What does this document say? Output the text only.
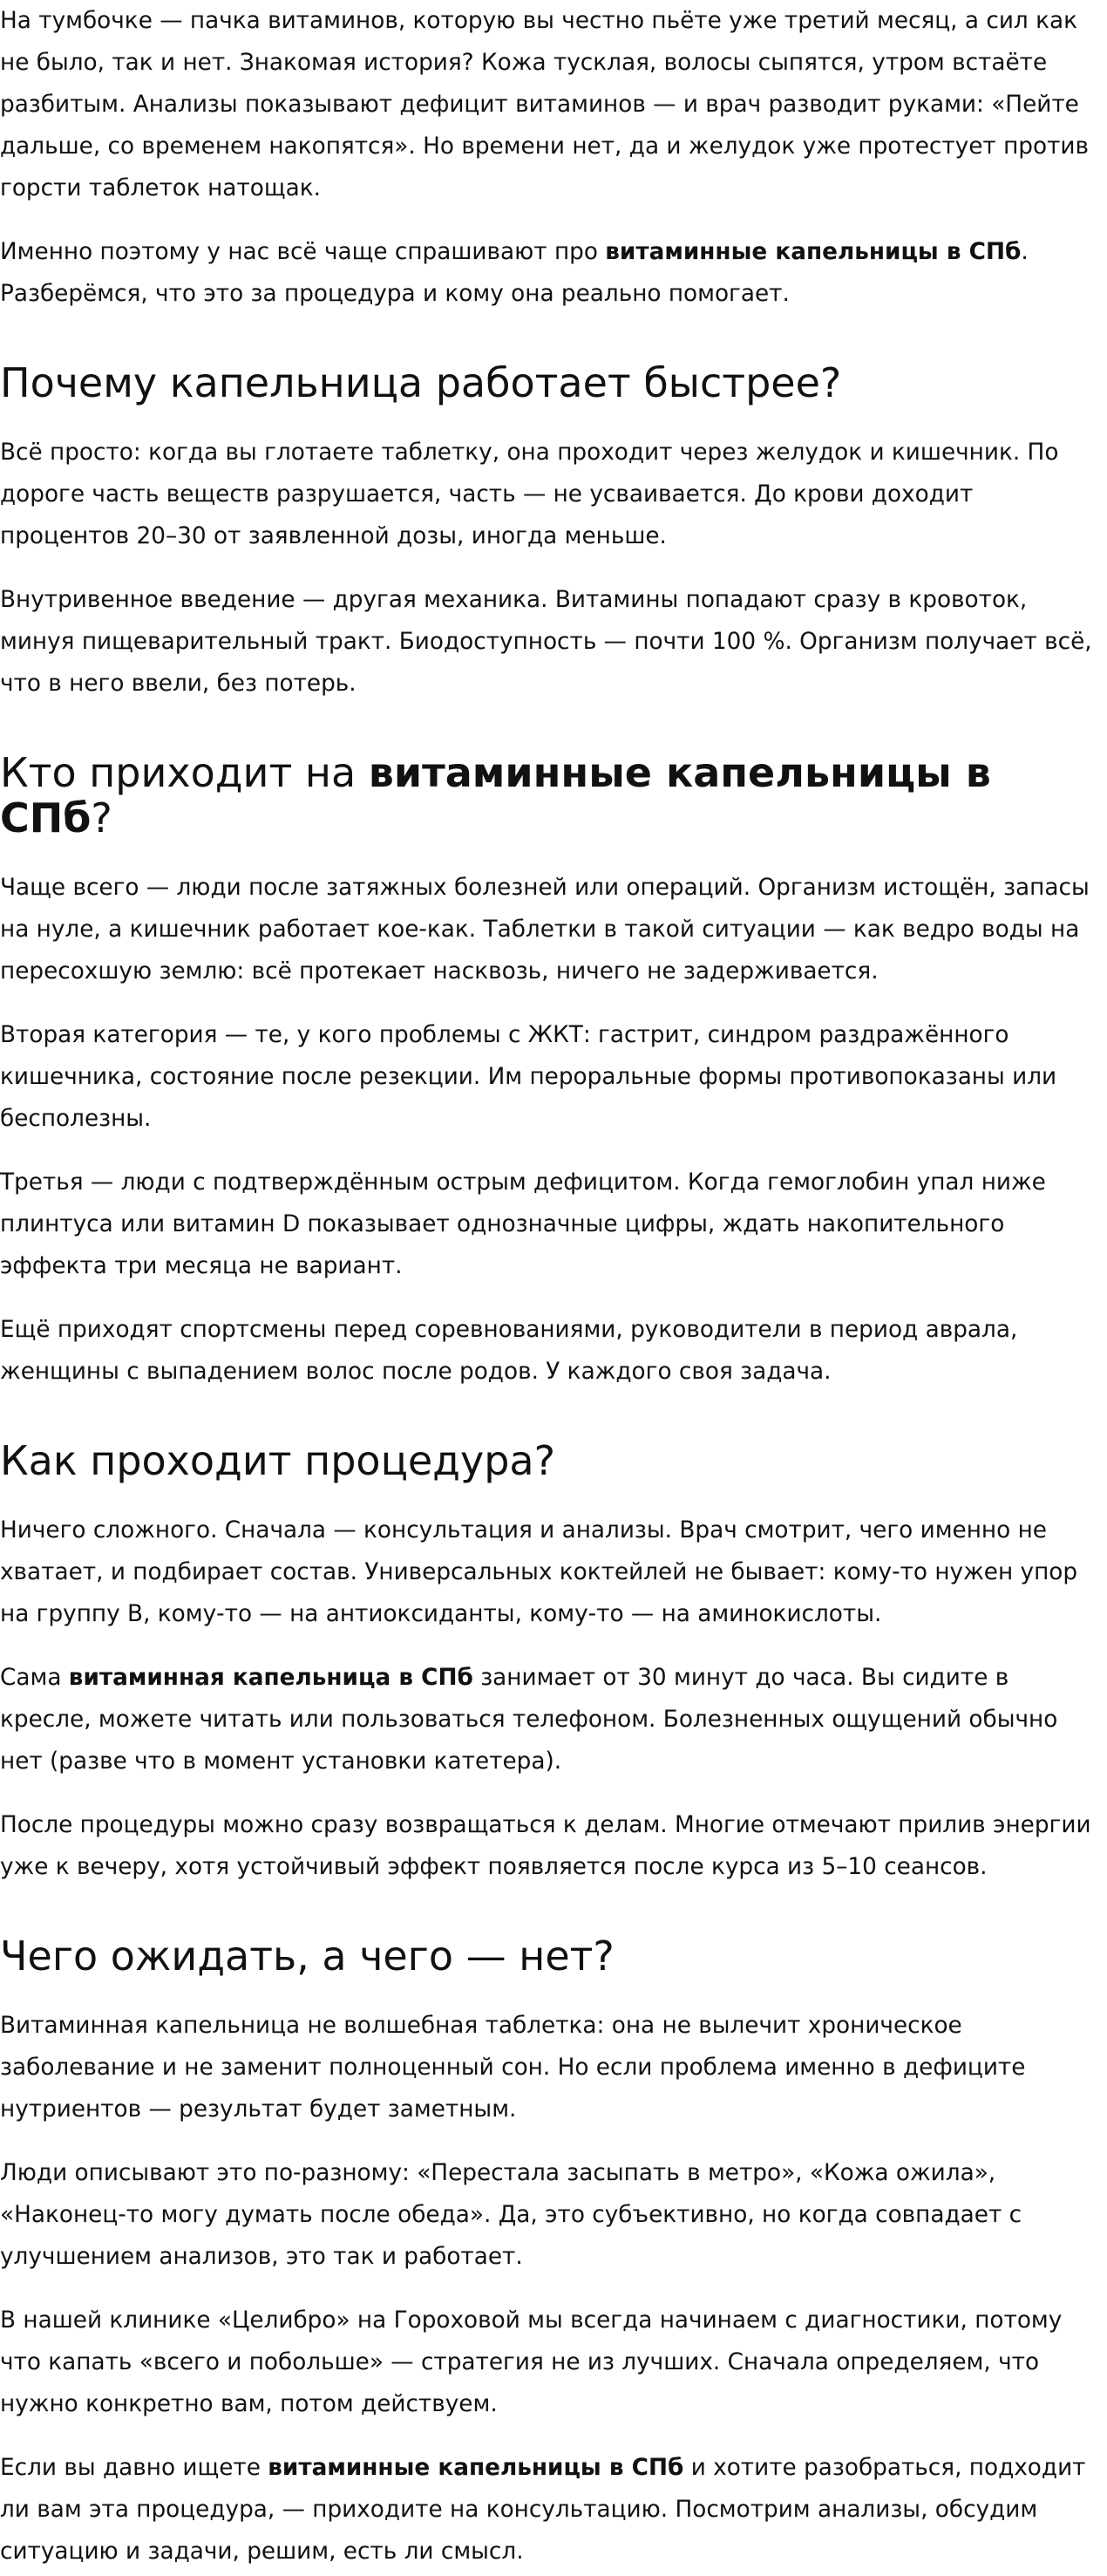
На тумбочке — пачка витаминов, которую вы честно пьёте уже третий месяц, а сил как не было, так и нет. Знакомая история? Кожа тусклая, волосы сыпятся, утром встаёте разбитым. Анализы показывают дефицит витаминов — и врач разводит руками: «Пейте дальше, со временем накопятся». Но времени нет, да и желудок уже протестует против горсти таблеток натощак.

Именно поэтому у нас всё чаще спрашивают про витаминные капельницы в СПб. Разберёмся, что это за процедура и кому она реально помогает.

Почему капельница работает быстрее?

Всё просто: когда вы глотаете таблетку, она проходит через желудок и кишечник. По дороге часть веществ разрушается, часть — не усваивается. До крови доходит процентов 20–30 от заявленной дозы, иногда меньше.

Внутривенное введение — другая механика. Витамины попадают сразу в кровоток, минуя пищеварительный тракт. Биодоступность — почти 100 %. Организм получает всё, что в него ввели, без потерь.

Кто приходит на витаминные капельницы в СПб?

Чаще всего — люди после затяжных болезней или операций. Организм истощён, запасы на нуле, а кишечник работает кое-как. Таблетки в такой ситуации — как ведро воды на пересохшую землю: всё протекает насквозь, ничего не задерживается.

Вторая категория — те, у кого проблемы с ЖКТ: гастрит, синдром раздражённого кишечника, состояние после резекции. Им пероральные формы противопоказаны или бесполезны.

Третья — люди с подтверждённым острым дефицитом. Когда гемоглобин упал ниже плинтуса или витамин D показывает однозначные цифры, ждать накопительного эффекта три месяца не вариант.

Ещё приходят спортсмены перед соревнованиями, руководители в период аврала, женщины с выпадением волос после родов. У каждого своя задача.

Как проходит процедура?

Ничего сложного. Сначала — консультация и анализы. Врач смотрит, чего именно не хватает, и подбирает состав. Универсальных коктейлей не бывает: кому-то нужен упор на группу B, кому-то — на антиоксиданты, кому-то — на аминокислоты.

Сама витаминная капельница в СПб занимает от 30 минут до часа. Вы сидите в кресле, можете читать или пользоваться телефоном. Болезненных ощущений обычно нет (разве что в момент установки катетера).

После процедуры можно сразу возвращаться к делам. Многие отмечают прилив энергии уже к вечеру, хотя устойчивый эффект появляется после курса из 5–10 сеансов.

Чего ожидать, а чего — нет?

Витаминная капельница не волшебная таблетка: она не вылечит хроническое заболевание и не заменит полноценный сон. Но если проблема именно в дефиците нутриентов — результат будет заметным.

Люди описывают это по-разному: «Перестала засыпать в метро», «Кожа ожила», «Наконец-то могу думать после обеда». Да, это субъективно, но когда совпадает с улучшением анализов, это так и работает.

В нашей клинике «Целибро» на Гороховой мы всегда начинаем с диагностики, потому что капать «всего и побольше» — стратегия не из лучших. Сначала определяем, что нужно конкретно вам, потом действуем.

Если вы давно ищете витаминные капельницы в СПб и хотите разобраться, подходит ли вам эта процедура, — приходите на консультацию. Посмотрим анализы, обсудим ситуацию и задачи, решим, есть ли смысл.
